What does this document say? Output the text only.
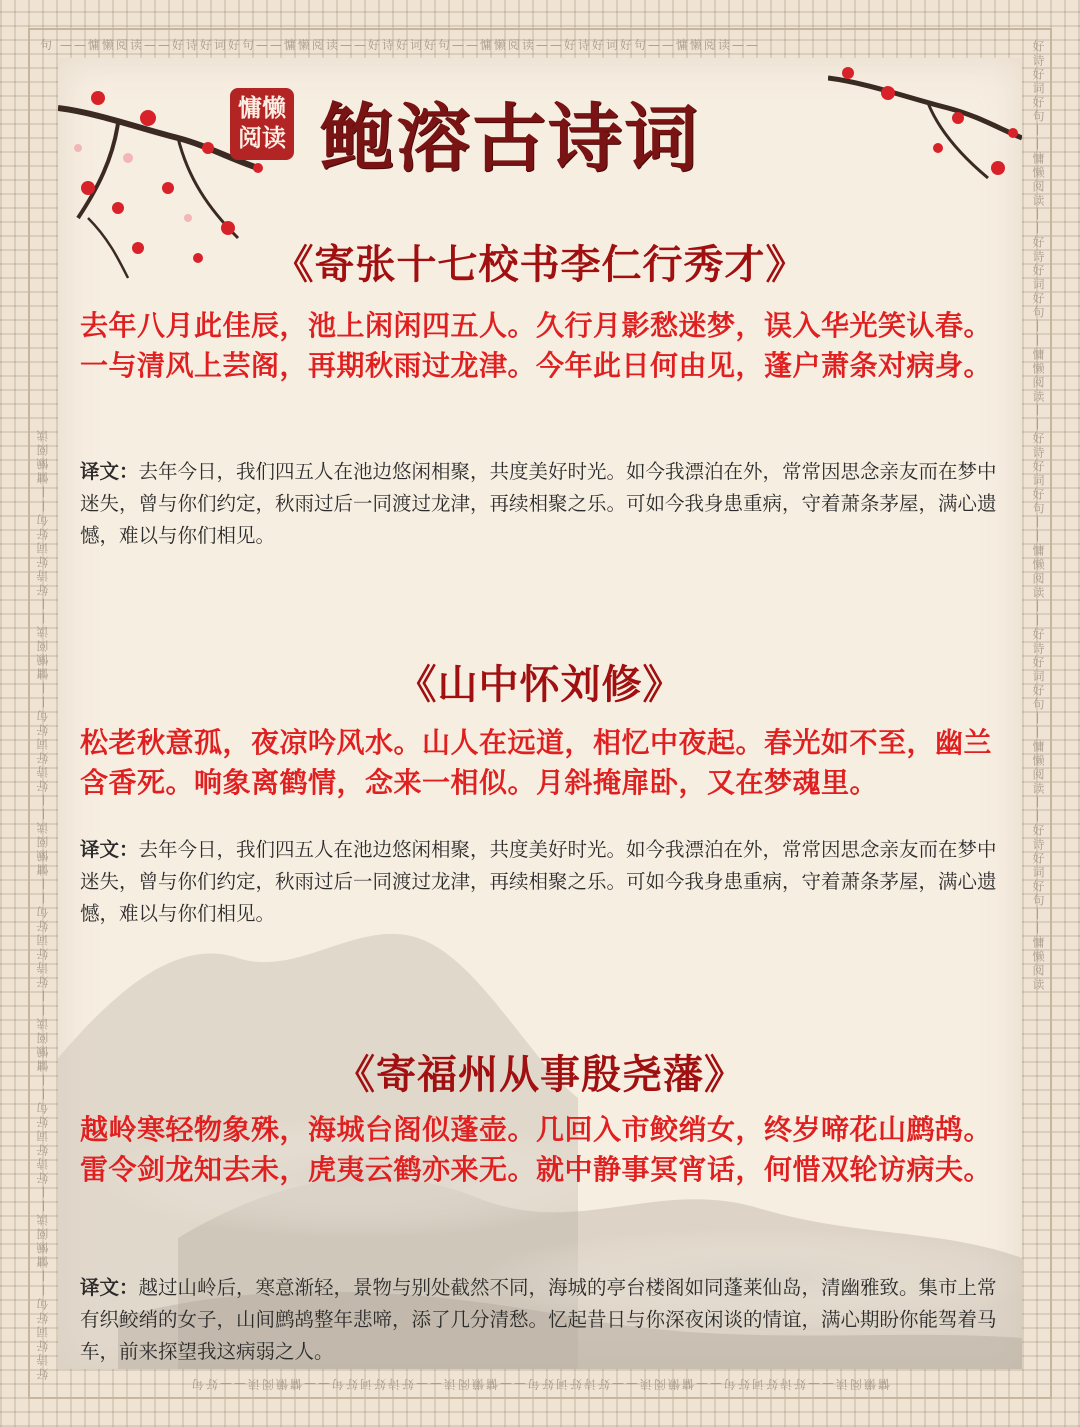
句 ——慵懒阅读——好诗好词好句——慵懒阅读——好诗好词好句——慵懒阅读——好诗好词好句——慵懒阅读——
慵懒阅读——好诗好词好句——慵懒阅读——好诗好词好句——慵懒阅读——好诗好词好句——慵懒阅读——好句
好诗好词好句——慵懒阅读——好诗好词好句——慵懒阅读——好诗好词好句——慵懒阅读——好诗好词好句——慵懒阅读——好诗好词好句——慵懒阅读	好诗好词好句——慵懒阅读——好诗好词好句——慵懒阅读——好诗好词好句——慵懒阅读——好诗好词好句——慵懒阅读——好诗好词好句——慵懒阅读
慵懒阅读 鲍溶古诗词
《寄张十七校书李仁行秀才》
去年八月此佳辰，池上闲闲四五人。久行月影愁迷梦，误入华光笑认春。一与清风上芸阁，再期秋雨过龙津。今年此日何由见，蓬户萧条对病身。
译文：去年今日，我们四五人在池边悠闲相聚，共度美好时光。如今我漂泊在外，常常因思念亲友而在梦中迷失，曾与你们约定，秋雨过后一同渡过龙津，再续相聚之乐。可如今我身患重病，守着萧条茅屋，满心遗憾，难以与你们相见。
《山中怀刘修》
松老秋意孤，夜凉吟风水。山人在远道，相忆中夜起。春光如不至，幽兰含香死。响象离鹤情，念来一相似。月斜掩扉卧，又在梦魂里。
译文：去年今日，我们四五人在池边悠闲相聚，共度美好时光。如今我漂泊在外，常常因思念亲友而在梦中迷失，曾与你们约定，秋雨过后一同渡过龙津，再续相聚之乐。可如今我身患重病，守着萧条茅屋，满心遗憾，难以与你们相见。
《寄福州从事殷尧藩》
越岭寒轻物象殊，海城台阁似蓬壶。几回入市鲛绡女，终岁啼花山鹧鸪。雷令剑龙知去未，虎夷云鹤亦来无。就中静事冥宵话，何惜双轮访病夫。
译文：越过山岭后，寒意渐轻，景物与别处截然不同，海城的亭台楼阁如同蓬莱仙岛，清幽雅致。集市上常有织鲛绡的女子，山间鹧鸪整年悲啼，添了几分清愁。忆起昔日与你深夜闲谈的情谊，满心期盼你能驾着马车，前来探望我这病弱之人。
